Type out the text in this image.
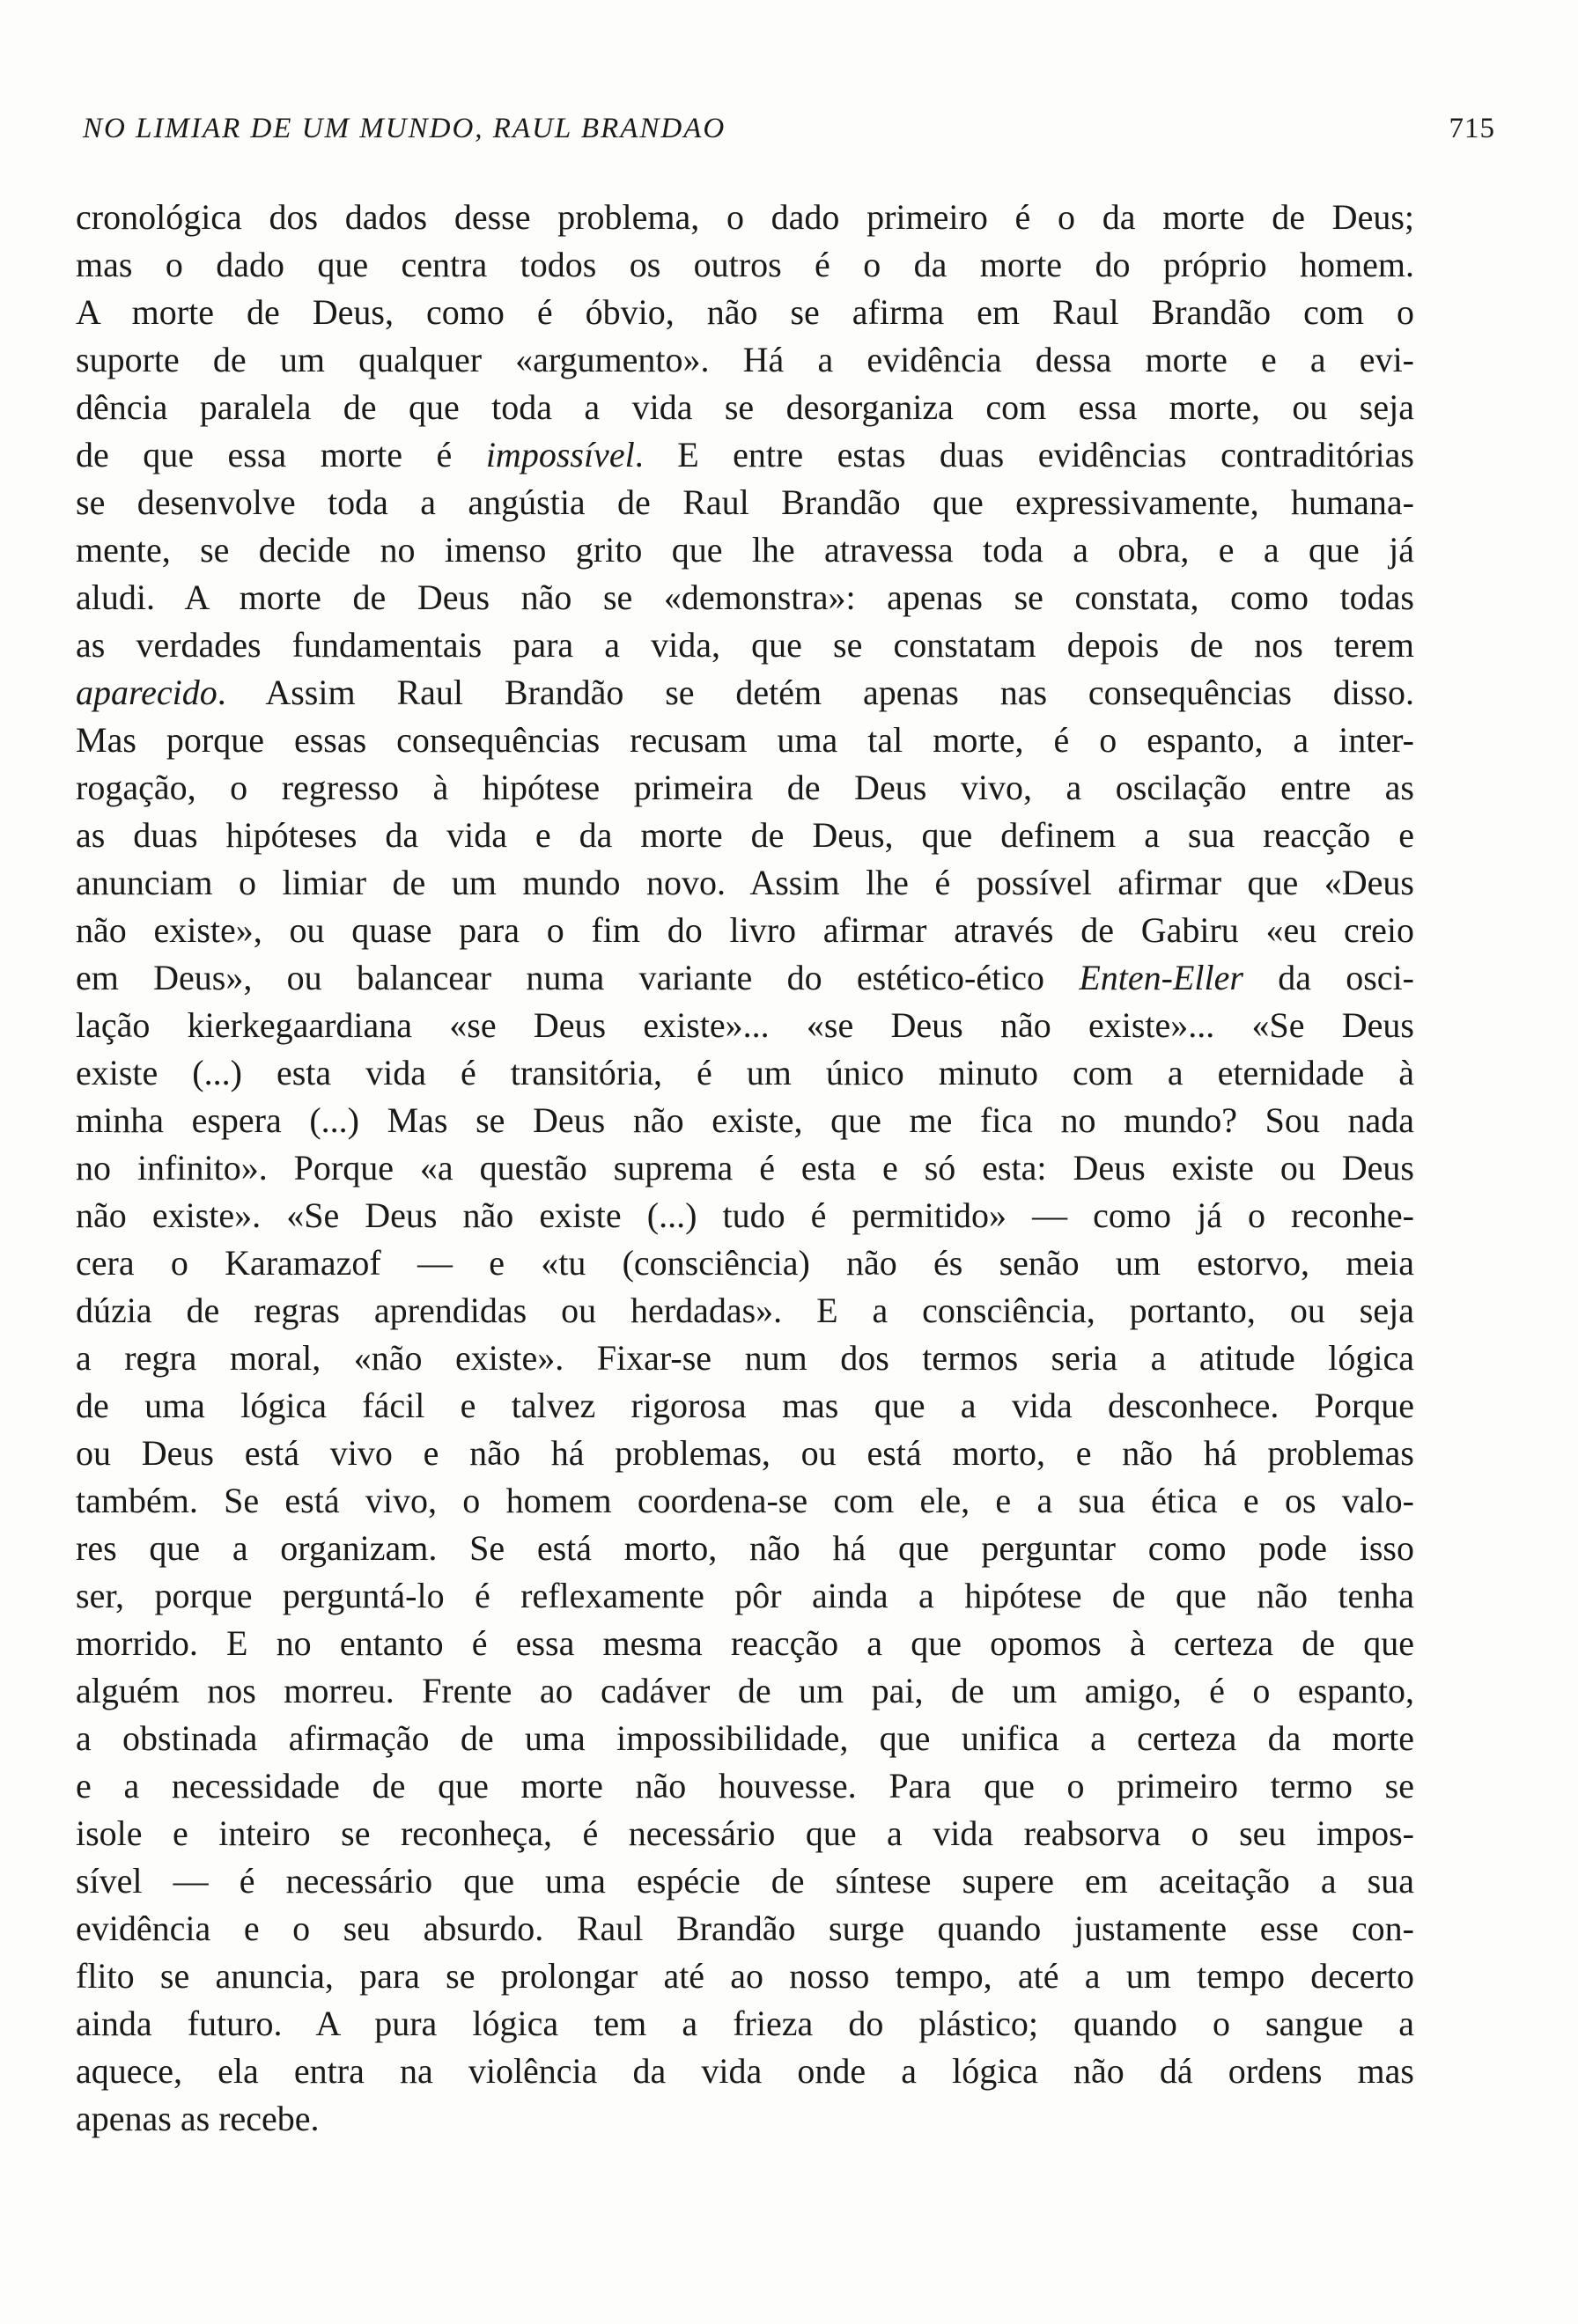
NO LIMIAR DE UM MUNDO, RAUL BRANDAO	715
cronológica dos dados desse problema, o dado primeiro é o da morte de Deus;
mas o dado que centra todos os outros é o da morte do próprio homem.
A morte de Deus, como é óbvio, não se afirma em Raul Brandão com o
suporte de um qualquer «argumento». Há a evidência dessa morte e a evi-
dência paralela de que toda a vida se desorganiza com essa morte, ou seja
de que essa morte é impossível. E entre estas duas evidências contraditórias
se desenvolve toda a angústia de Raul Brandão que expressivamente, humana-
mente, se decide no imenso grito que lhe atravessa toda a obra, e a que já
aludi. A morte de Deus não se «demonstra»: apenas se constata, como todas
as verdades fundamentais para a vida, que se constatam depois de nos terem
aparecido. Assim Raul Brandão se detém apenas nas consequências disso.
Mas porque essas consequências recusam uma tal morte, é o espanto, a inter-
rogação, o regresso à hipótese primeira de Deus vivo, a oscilação entre as
as duas hipóteses da vida e da morte de Deus, que definem a sua reacção e
anunciam o limiar de um mundo novo. Assim lhe é possível afirmar que «Deus
não existe», ou quase para o fim do livro afirmar através de Gabiru «eu creio
em Deus», ou balancear numa variante do estético-ético Enten-Eller da osci-
lação kierkegaardiana «se Deus existe»... «se Deus não existe»... «Se Deus
existe (...) esta vida é transitória, é um único minuto com a eternidade à
minha espera (...) Mas se Deus não existe, que me fica no mundo? Sou nada
no infinito». Porque «a questão suprema é esta e só esta: Deus existe ou Deus
não existe». «Se Deus não existe (...) tudo é permitido» — como já o reconhe-
cera o Karamazof — e «tu (consciência) não és senão um estorvo, meia
dúzia de regras aprendidas ou herdadas». E a consciência, portanto, ou seja
a regra moral, «não existe». Fixar-se num dos termos seria a atitude lógica
de uma lógica fácil e talvez rigorosa mas que a vida desconhece. Porque
ou Deus está vivo e não há problemas, ou está morto, e não há problemas
também. Se está vivo, o homem coordena-se com ele, e a sua ética e os valo-
res que a organizam. Se está morto, não há que perguntar como pode isso
ser, porque perguntá-lo é reflexamente pôr ainda a hipótese de que não tenha
morrido. E no entanto é essa mesma reacção a que opomos à certeza de que
alguém nos morreu. Frente ao cadáver de um pai, de um amigo, é o espanto,
a obstinada afirmação de uma impossibilidade, que unifica a certeza da morte
e a necessidade de que morte não houvesse. Para que o primeiro termo se
isole e inteiro se reconheça, é necessário que a vida reabsorva o seu impos-
sível — é necessário que uma espécie de síntese supere em aceitação a sua
evidência e o seu absurdo. Raul Brandão surge quando justamente esse con-
flito se anuncia, para se prolongar até ao nosso tempo, até a um tempo decerto
ainda futuro. A pura lógica tem a frieza do plástico; quando o sangue a
aquece, ela entra na violência da vida onde a lógica não dá ordens mas
apenas as recebe.
